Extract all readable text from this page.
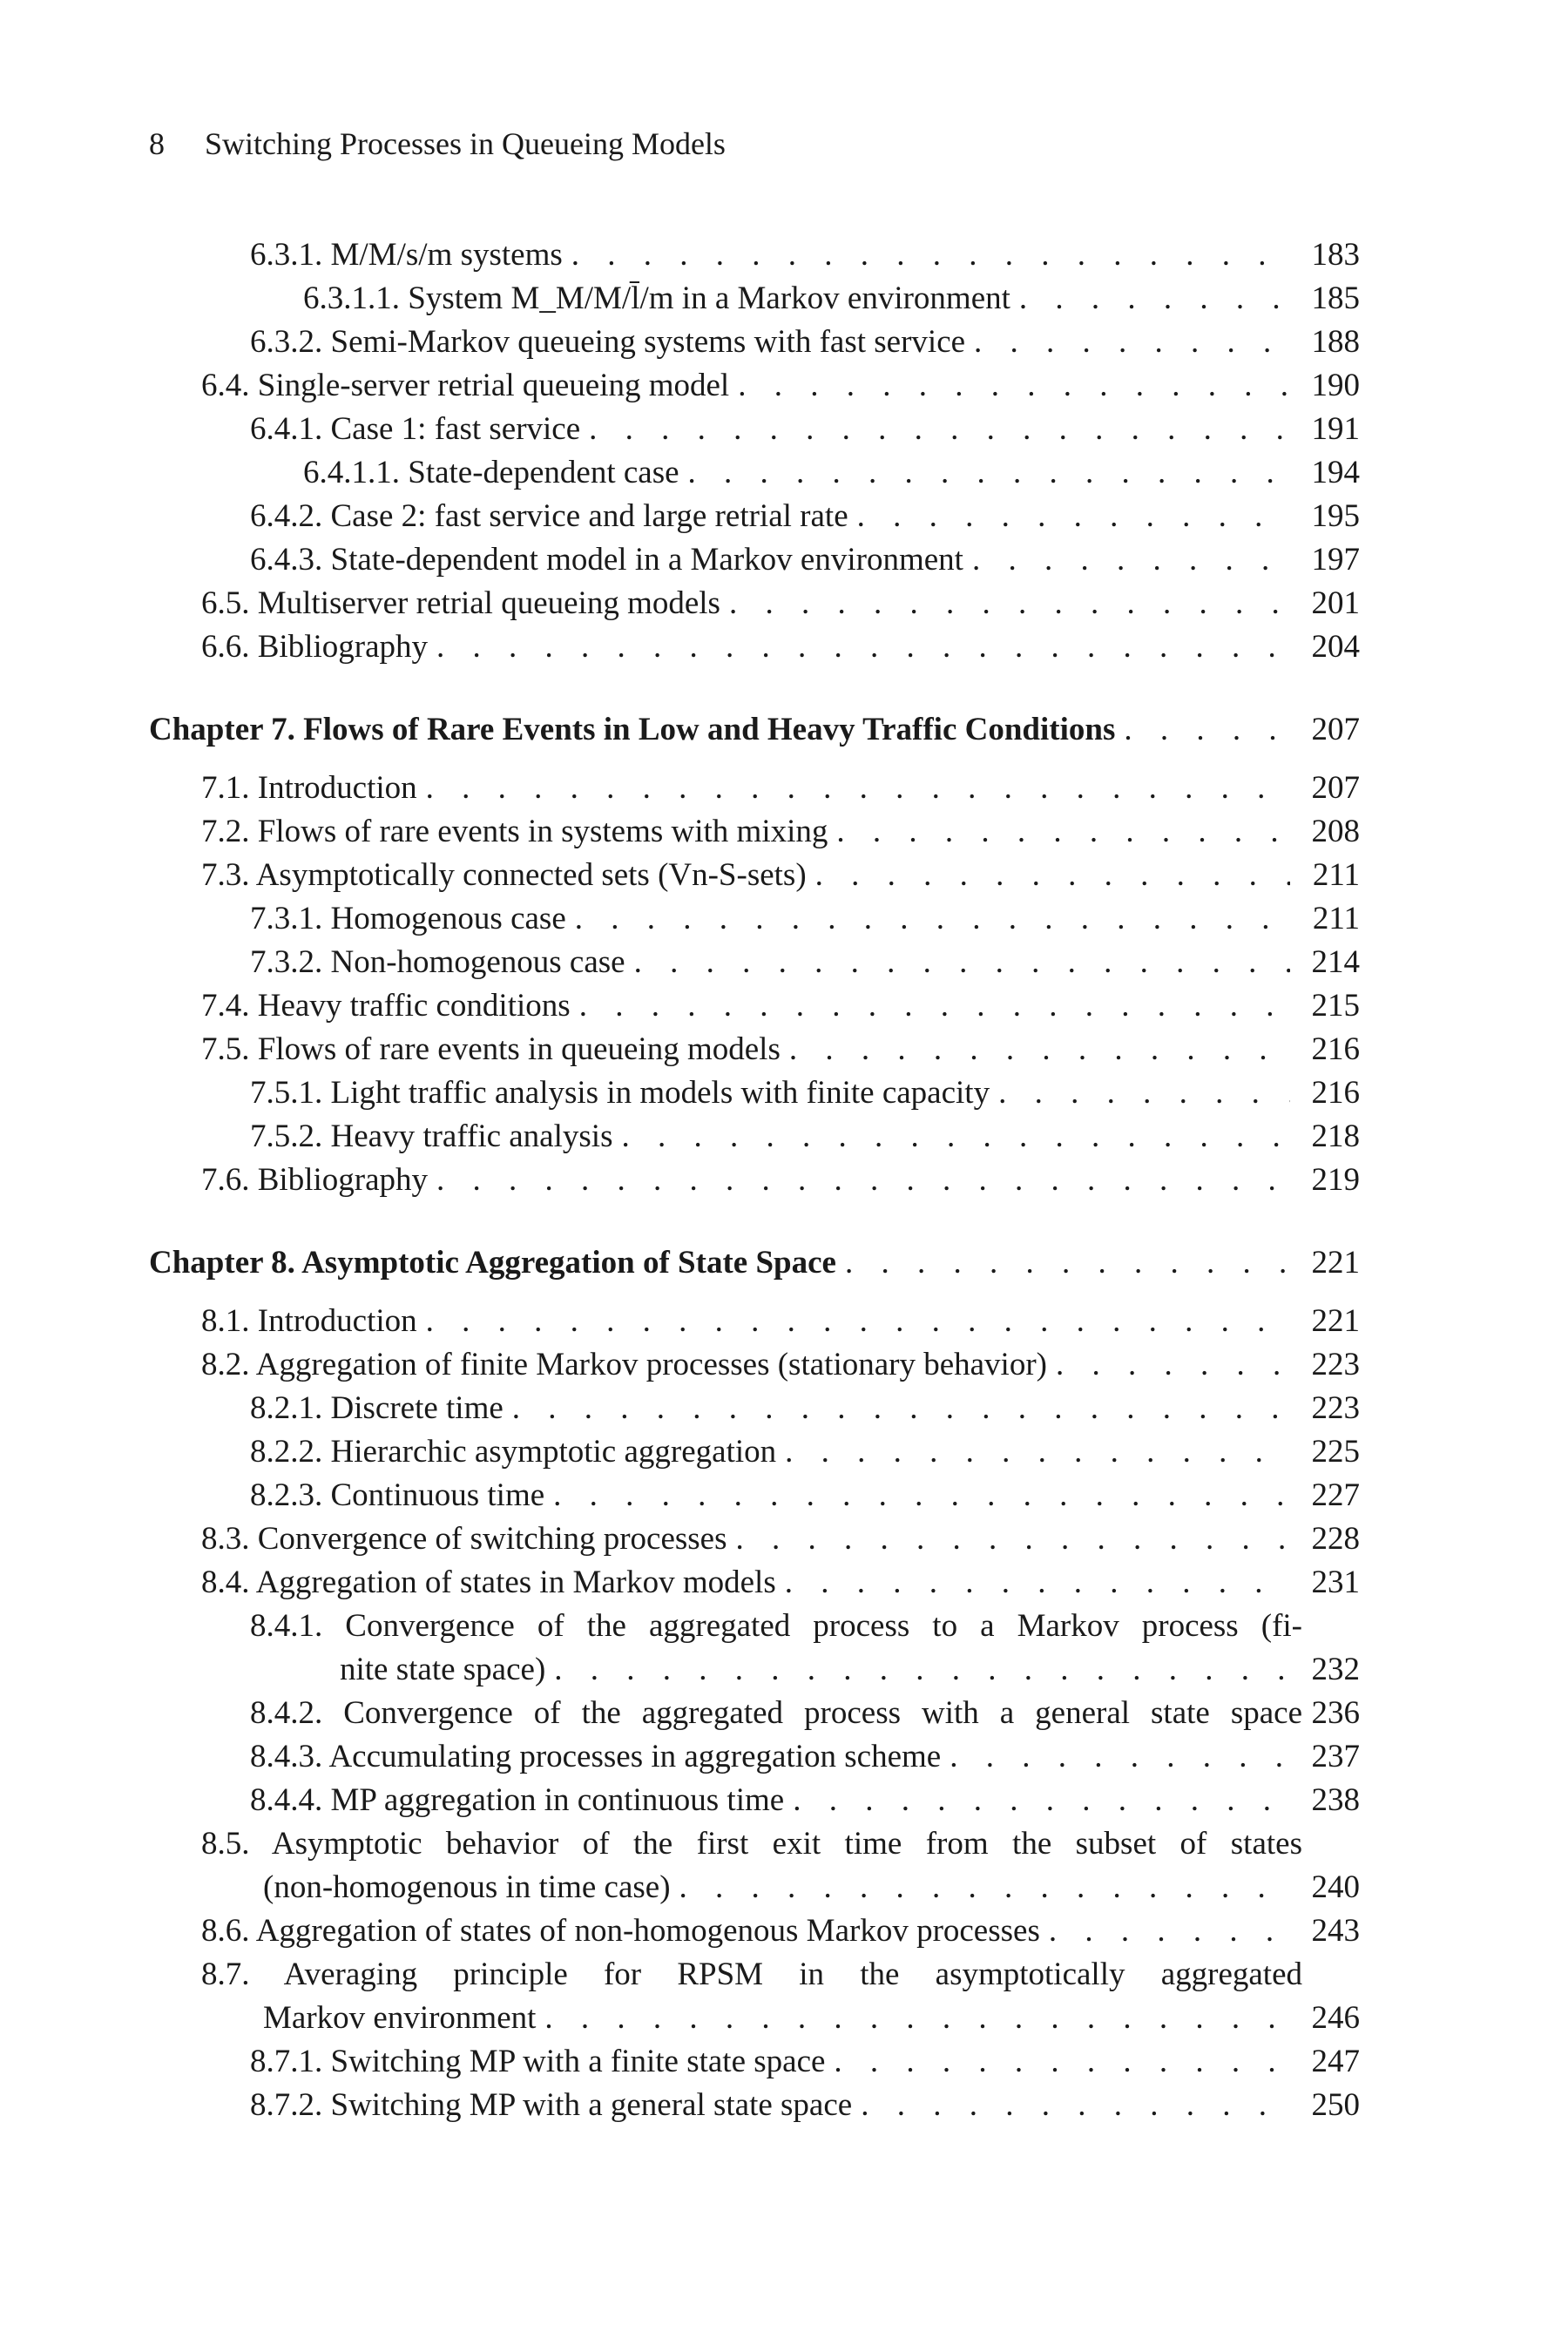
8 Switching Processes in Queueing Models
6.3.1. M/M/s/m systems . . .	183
6.3.1.1. System M_M/M/l̄/m in a Markov environment . . .	185
6.3.2. Semi-Markov queueing systems with fast service . . .	188
6.4. Single-server retrial queueing model . . .	190
6.4.1. Case 1: fast service . . .	191
6.4.1.1. State-dependent case . . .	194
6.4.2. Case 2: fast service and large retrial rate . . .	195
6.4.3. State-dependent model in a Markov environment . . .	197
6.5. Multiserver retrial queueing models . . .	201
6.6. Bibliography . . .	204
Chapter 7. Flows of Rare Events in Low and Heavy Traffic Conditions . . .	207
7.1. Introduction . . .	207
7.2. Flows of rare events in systems with mixing . . .	208
7.3. Asymptotically connected sets (Vn-S-sets) . . .	211
7.3.1. Homogenous case . . .	211
7.3.2. Non-homogenous case . . .	214
7.4. Heavy traffic conditions . . .	215
7.5. Flows of rare events in queueing models . . .	216
7.5.1. Light traffic analysis in models with finite capacity . . .	216
7.5.2. Heavy traffic analysis . . .	218
7.6. Bibliography . . .	219
Chapter 8. Asymptotic Aggregation of State Space . . .	221
8.1. Introduction . . .	221
8.2. Aggregation of finite Markov processes (stationary behavior) . . .	223
8.2.1. Discrete time . . .	223
8.2.2. Hierarchic asymptotic aggregation . . .	225
8.2.3. Continuous time . . .	227
8.3. Convergence of switching processes . . .	228
8.4. Aggregation of states in Markov models . . .	231
8.4.1. Convergence of the aggregated process to a Markov process (fi-
nite state space) . . .	232
8.4.2. Convergence of the aggregated process with a general state space 236
8.4.3. Accumulating processes in aggregation scheme . . .	237
8.4.4. MP aggregation in continuous time . . .	238
8.5. Asymptotic behavior of the first exit time from the subset of states
(non-homogenous in time case) . . .	240
8.6. Aggregation of states of non-homogenous Markov processes . . .	243
8.7. Averaging principle for RPSM in the asymptotically aggregated
Markov environment . . .	246
8.7.1. Switching MP with a finite state space . . .	247
8.7.2. Switching MP with a general state space . . .	250
